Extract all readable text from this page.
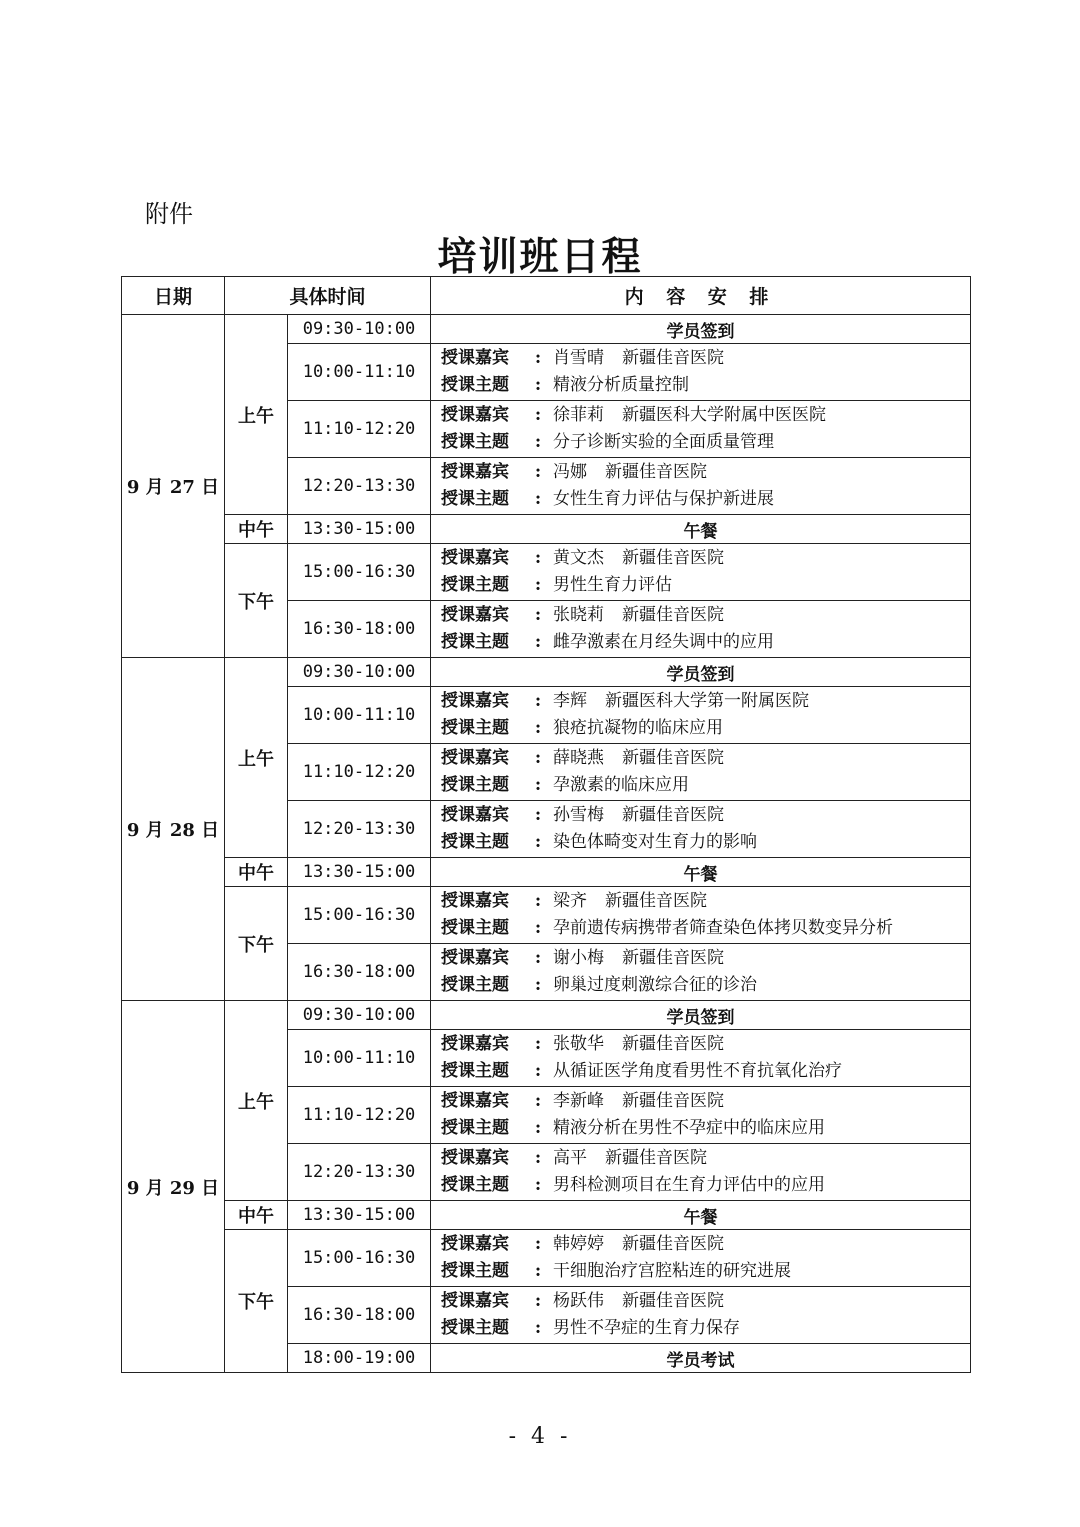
附件
培训班日程
日期	具体时间		内 容 安 排
9 月 27 日	上午	09:30-10:00	学员签到
		10:00-11:10	授课嘉宾 : 肖雪晴 新疆佳音医院
授课主题 : 精液分析质量控制

		11:10-12:20	授课嘉宾 : 徐菲莉 新疆医科大学附属中医医院
授课主题 : 分子诊断实验的全面质量管理

		12:20-13:30	授课嘉宾 : 冯娜 新疆佳音医院
授课主题 : 女性生育力评估与保护新进展

	中午	13:30-15:00	午餐
	下午	15:00-16:30	授课嘉宾 : 黄文杰 新疆佳音医院
授课主题 : 男性生育力评估

		16:30-18:00	授课嘉宾 : 张晓莉 新疆佳音医院
授课主题 : 雌孕激素在月经失调中的应用

9 月 28 日	上午	09:30-10:00	学员签到
		10:00-11:10	授课嘉宾 : 李辉 新疆医科大学第一附属医院
授课主题 : 狼疮抗凝物的临床应用

		11:10-12:20	授课嘉宾 : 薛晓燕 新疆佳音医院
授课主题 : 孕激素的临床应用

		12:20-13:30	授课嘉宾 : 孙雪梅 新疆佳音医院
授课主题 : 染色体畸变对生育力的影响

	中午	13:30-15:00	午餐
	下午	15:00-16:30	授课嘉宾 : 梁齐 新疆佳音医院
授课主题 : 孕前遗传病携带者筛查染色体拷贝数变异分析

		16:30-18:00	授课嘉宾 : 谢小梅 新疆佳音医院
授课主题 : 卵巢过度刺激综合征的诊治

9 月 29 日	上午	09:30-10:00	学员签到
		10:00-11:10	授课嘉宾 : 张敬华 新疆佳音医院
授课主题 : 从循证医学角度看男性不育抗氧化治疗

		11:10-12:20	授课嘉宾 : 李新峰 新疆佳音医院
授课主题 : 精液分析在男性不孕症中的临床应用

		12:20-13:30	授课嘉宾 : 高平 新疆佳音医院
授课主题 : 男科检测项目在生育力评估中的应用

	中午	13:30-15:00	午餐
	下午	15:00-16:30	授课嘉宾 : 韩婷婷 新疆佳音医院
授课主题 : 干细胞治疗宫腔粘连的研究进展

		16:30-18:00	授课嘉宾 : 杨跃伟 新疆佳音医院
授课主题 : 男性不孕症的生育力保存

		18:00-19:00	学员考试
- 4 -
